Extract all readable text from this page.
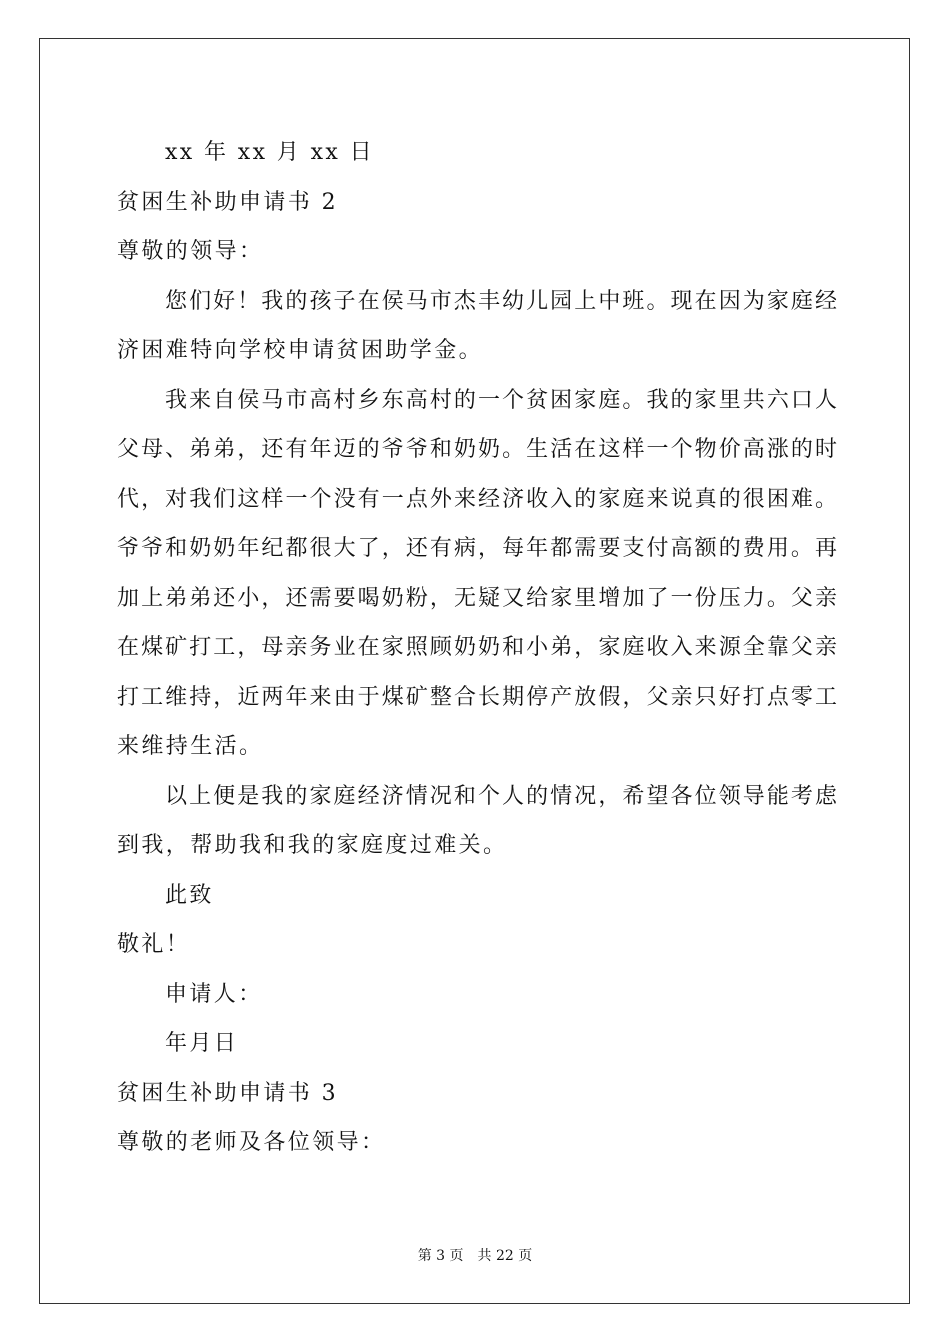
xx 年 xx 月 xx 日

贫困生补助申请书 2

尊敬的领导：

您们好！我的孩子在侯马市杰丰幼儿园上中班。现在因为家庭经

济困难特向学校申请贫困助学金。

我来自侯马市高村乡东高村的一个贫困家庭。我的家里共六口人

父母、弟弟，还有年迈的爷爷和奶奶。生活在这样一个物价高涨的时

代，对我们这样一个没有一点外来经济收入的家庭来说真的很困难。

爷爷和奶奶年纪都很大了，还有病，每年都需要支付高额的费用。再

加上弟弟还小，还需要喝奶粉，无疑又给家里增加了一份压力。父亲

在煤矿打工，母亲务业在家照顾奶奶和小弟，家庭收入来源全靠父亲

打工维持，近两年来由于煤矿整合长期停产放假，父亲只好打点零工

来维持生活。

以上便是我的家庭经济情况和个人的情况，希望各位领导能考虑

到我，帮助我和我的家庭度过难关。

此致

敬礼！

申请人：

年月日

贫困生补助申请书 3

尊敬的老师及各位领导：

第 3 页 共 22 页
